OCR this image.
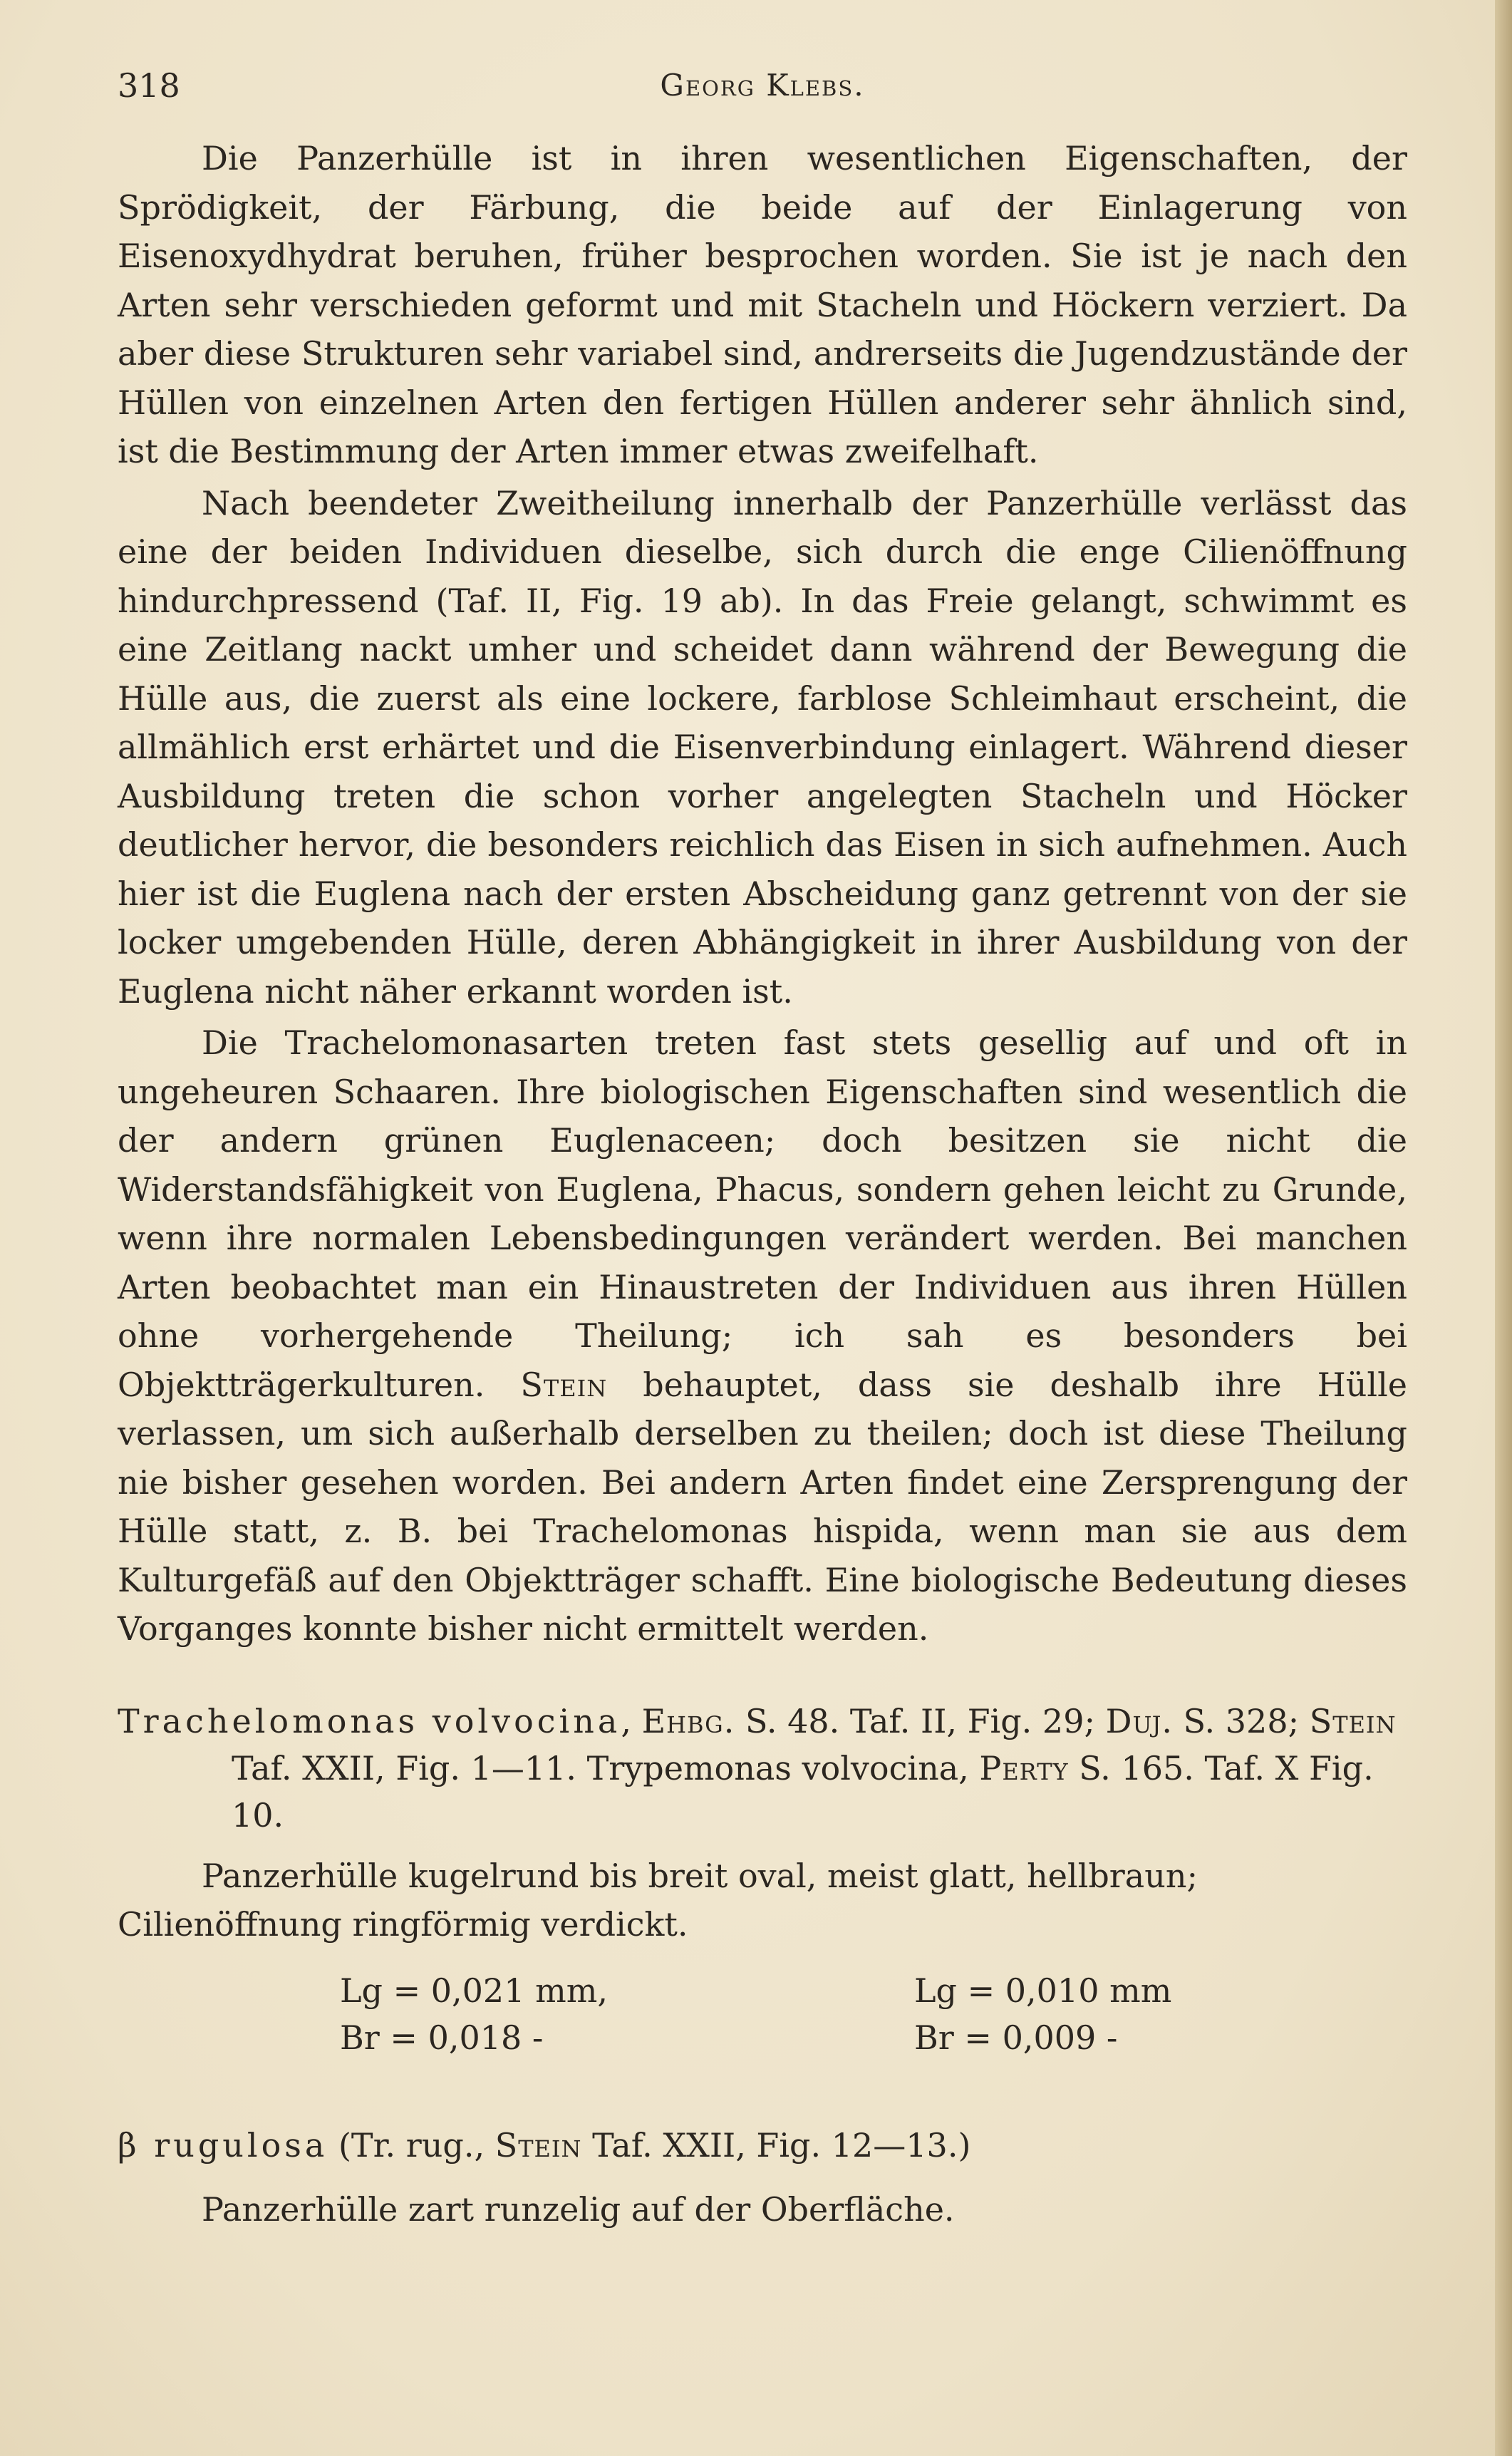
318	Georg Klebs.

Die Panzerhülle ist in ihren wesentlichen Eigenschaften, der Sprödigkeit, der Färbung, die beide auf der Einlagerung von Eisenoxydhydrat beruhen, früher besprochen worden. Sie ist je nach den Arten sehr verschieden geformt und mit Stacheln und Höckern verziert. Da aber diese Strukturen sehr variabel sind, andrerseits die Jugendzustände der Hüllen von einzelnen Arten den fertigen Hüllen anderer sehr ähnlich sind, ist die Bestimmung der Arten immer etwas zweifelhaft.

Nach beendeter Zweitheilung innerhalb der Panzerhülle verlässt das eine der beiden Individuen dieselbe, sich durch die enge Cilienöffnung hindurchpressend (Taf. II, Fig. 19 ab). In das Freie gelangt, schwimmt es eine Zeitlang nackt umher und scheidet dann während der Bewegung die Hülle aus, die zuerst als eine lockere, farblose Schleimhaut erscheint, die allmählich erst erhärtet und die Eisenverbindung einlagert. Während dieser Ausbildung treten die schon vorher angelegten Stacheln und Höcker deutlicher hervor, die besonders reichlich das Eisen in sich aufnehmen. Auch hier ist die Euglena nach der ersten Abscheidung ganz getrennt von der sie locker umgebenden Hülle, deren Abhängigkeit in ihrer Ausbildung von der Euglena nicht näher erkannt worden ist.

Die Trachelomonasarten treten fast stets gesellig auf und oft in ungeheuren Schaaren. Ihre biologischen Eigenschaften sind wesentlich die der andern grünen Euglenaceen; doch besitzen sie nicht die Widerstandsfähigkeit von Euglena, Phacus, sondern gehen leicht zu Grunde, wenn ihre normalen Lebensbedingungen verändert werden. Bei manchen Arten beobachtet man ein Hinaustreten der Individuen aus ihren Hüllen ohne vorhergehende Theilung; ich sah es besonders bei Objektträgerkulturen. Stein behauptet, dass sie deshalb ihre Hülle verlassen, um sich außerhalb derselben zu theilen; doch ist diese Theilung nie bisher gesehen worden. Bei andern Arten findet eine Zersprengung der Hülle statt, z. B. bei Trachelomonas hispida, wenn man sie aus dem Kulturgefäß auf den Objektträger schafft. Eine biologische Bedeutung dieses Vorganges konnte bisher nicht ermittelt werden.

Trachelomonas volvocina, Ehbg. S. 48. Taf. II, Fig. 29; Duj. S. 328; Stein Taf. XXII, Fig. 1—11. Trypemonas volvocina, Perty S. 165. Taf. X Fig. 10.

Panzerhülle kugelrund bis breit oval, meist glatt, hellbraun; Cilienöffnung ringförmig verdickt.

Lg = 0,021 mm,
Br = 0,018 -
Lg = 0,010 mm
Br = 0,009 -

β rugulosa (Tr. rug., Stein Taf. XXII, Fig. 12—13.)

Panzerhülle zart runzelig auf der Oberfläche.
